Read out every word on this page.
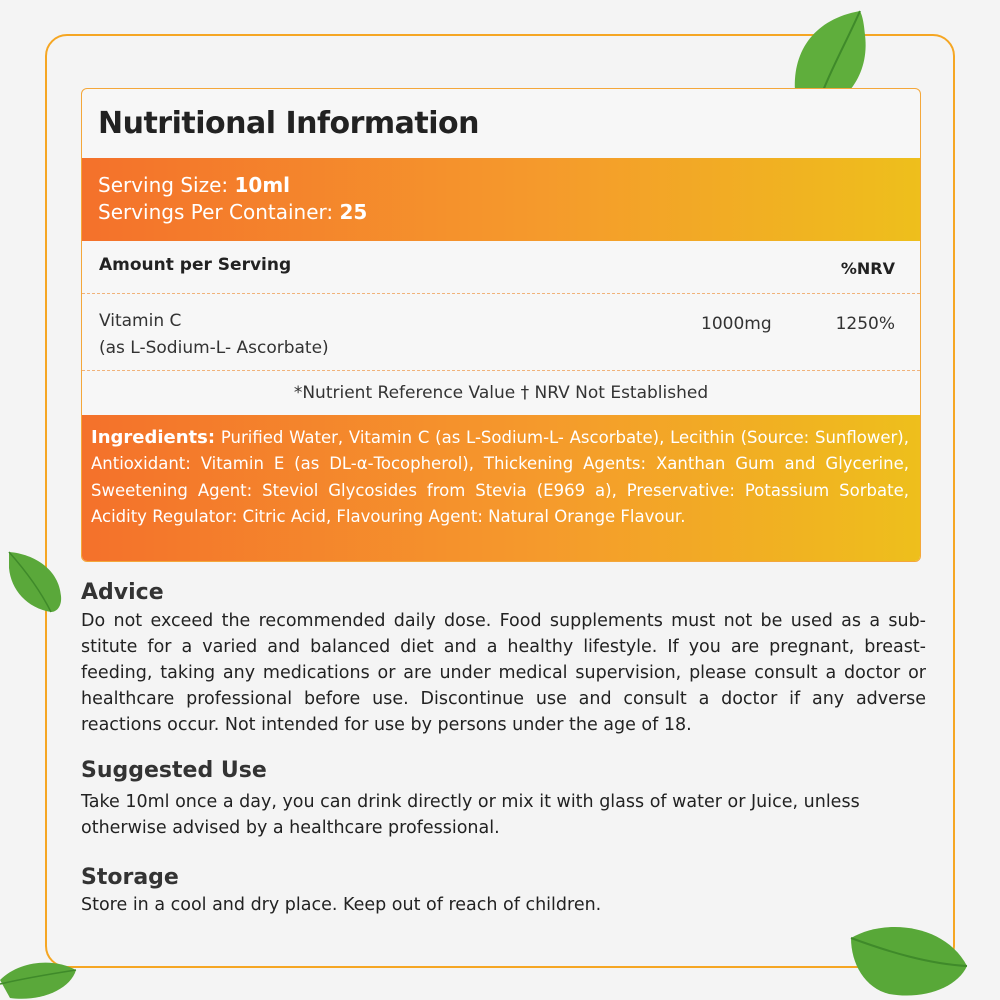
Nutritional Information
Serving Size: 10ml
Servings Per Container: 25
Amount per Serving	%NRV
Vitamin C
(as L-Sodium-L- Ascorbate)
1000mg	1250%
*Nutrient Reference Value † NRV Not Established
Ingredients: Purified Water, Vitamin C (as L-Sodium-L- Ascorbate), Lecithin (Source: Sunflower), Antioxidant: Vitamin E (as DL-α-Tocopherol), Thickening Agents: Xanthan Gum and Glycerine, Sweetening Agent: Steviol Glycosides from Stevia (E969 a), Preservative: Potassium Sorbate, Acidity Regulator: Citric Acid, Flavouring Agent: Natural Orange Flavour.
Advice
Do not exceed the recommended daily dose. Food supplements must not be used as a sub-stitute for a varied and balanced diet and a healthy lifestyle. If you are pregnant, breast-feeding, taking any medications or are under medical supervision, please consult a doctor or healthcare professional before use. Discontinue use and consult a doctor if any adverse reactions occur. Not intended for use by persons under the age of 18.
Suggested Use
Take 10ml once a day, you can drink directly or mix it with glass of water or Juice, unless otherwise advised by a healthcare professional.
Storage
Store in a cool and dry place. Keep out of reach of children.
